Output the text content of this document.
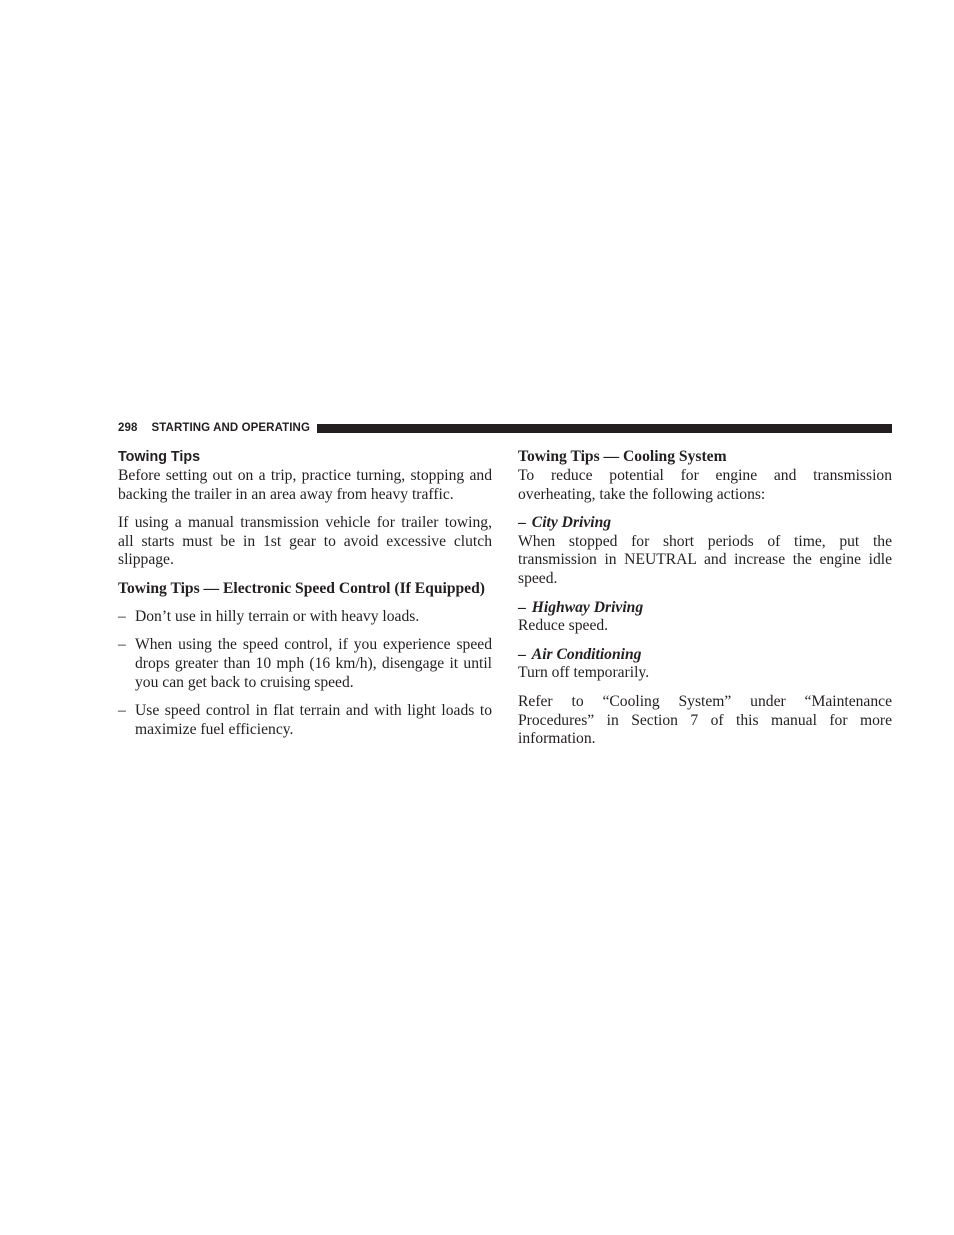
298 STARTING AND OPERATING
Towing Tips

Before setting out on a trip, practice turning, stopping and backing the trailer in an area away from heavy traffic.

If using a manual transmission vehicle for trailer towing, all starts must be in 1st gear to avoid excessive clutch slippage.

Towing Tips — Electronic Speed Control (If Equipped)
– Don’t use in hilly terrain or with heavy loads.
– When using the speed control, if you experience speed drops greater than 10 mph (16 km/h), disengage it until you can get back to cruising speed.
– Use speed control in flat terrain and with light loads to maximize fuel efficiency.
Towing Tips — Cooling System

To reduce potential for engine and transmission overheating, take the following actions:

– City Driving

When stopped for short periods of time, put the transmission in NEUTRAL and increase the engine idle speed.

– Highway Driving

Reduce speed.

– Air Conditioning

Turn off temporarily.

Refer to “Cooling System” under “Maintenance Procedures” in Section 7 of this manual for more information.
